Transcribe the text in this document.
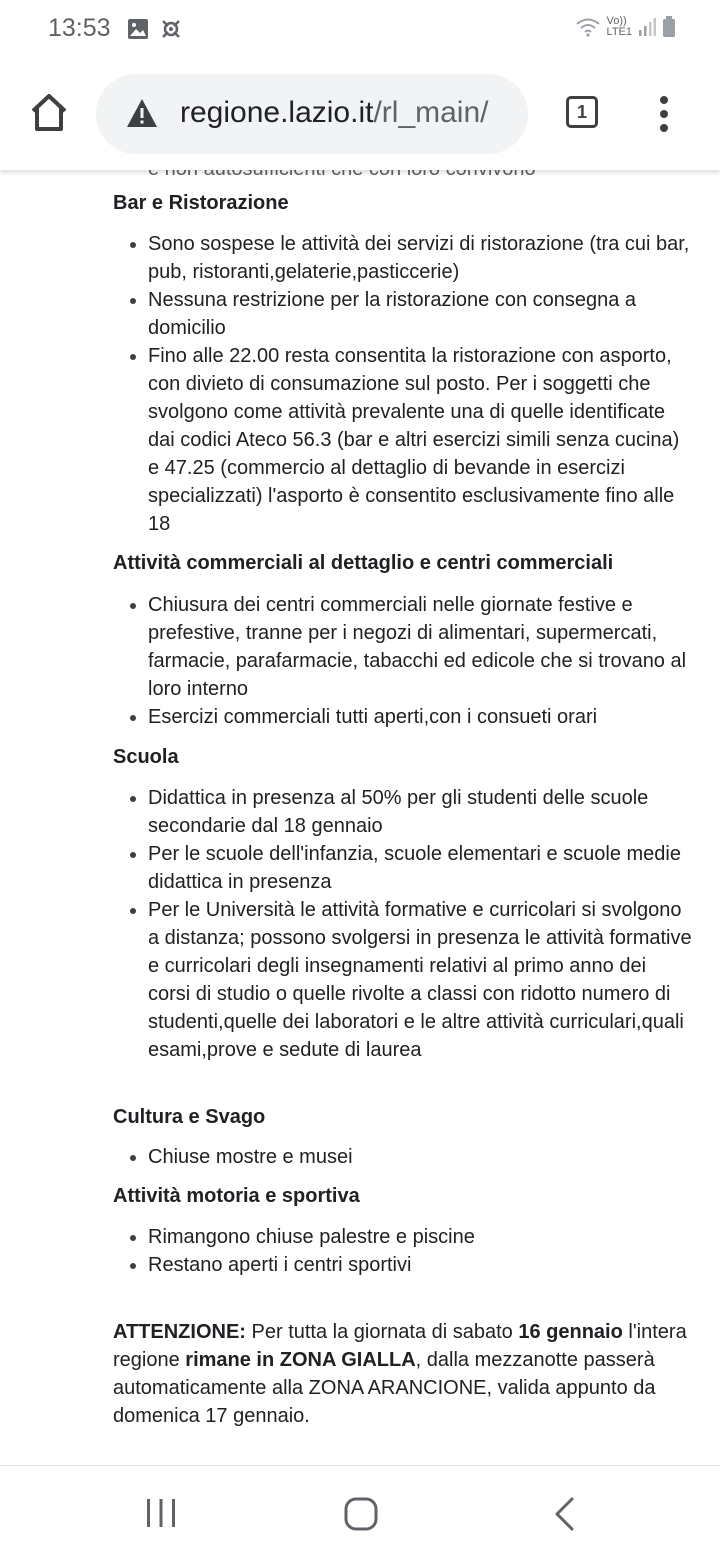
13:53	Vo))
LTE1
regione.lazio.it/rl_main/	1
Bar e Ristorazione
Sono sospese le attività dei servizi di ristorazione (tra cui bar, pub, ristoranti,gelaterie,pasticcerie)
Nessuna restrizione per la ristorazione con consegna a domicilio
Fino alle 22.00 resta consentita la ristorazione con asporto, con divieto di consumazione sul posto. Per i soggetti che svolgono come attività prevalente una di quelle identificate dai codici Ateco 56.3 (bar e altri esercizi simili senza cucina) e 47.25 (commercio al dettaglio di bevande in esercizi specializzati) l'asporto è consentito esclusivamente fino alle 18
Attività commerciali al dettaglio e centri commerciali
Chiusura dei centri commerciali nelle giornate festive e prefestive, tranne per i negozi di alimentari, supermercati, farmacie, parafarmacie, tabacchi ed edicole che si trovano al loro interno
Esercizi commerciali tutti aperti,con i consueti orari
Scuola
Didattica in presenza al 50% per gli studenti delle scuole secondarie dal 18 gennaio
Per le scuole dell'infanzia, scuole elementari e scuole medie didattica in presenza
Per le Università le attività formative e curricolari si svolgono a distanza; possono svolgersi in presenza le attività formative e curricolari degli insegnamenti relativi al primo anno dei corsi di studio o quelle rivolte a classi con ridotto numero di studenti,quelle dei laboratori e le altre attività curriculari,quali esami,prove e sedute di laurea
Cultura e Svago
Chiuse mostre e musei
Attività motoria e sportiva
Rimangono chiuse palestre e piscine
Restano aperti i centri sportivi
ATTENZIONE: Per tutta la giornata di sabato 16 gennaio l'intera regione rimane in ZONA GIALLA, dalla mezzanotte passerà automaticamente alla ZONA ARANCIONE, valida appunto da domenica 17 gennaio.
